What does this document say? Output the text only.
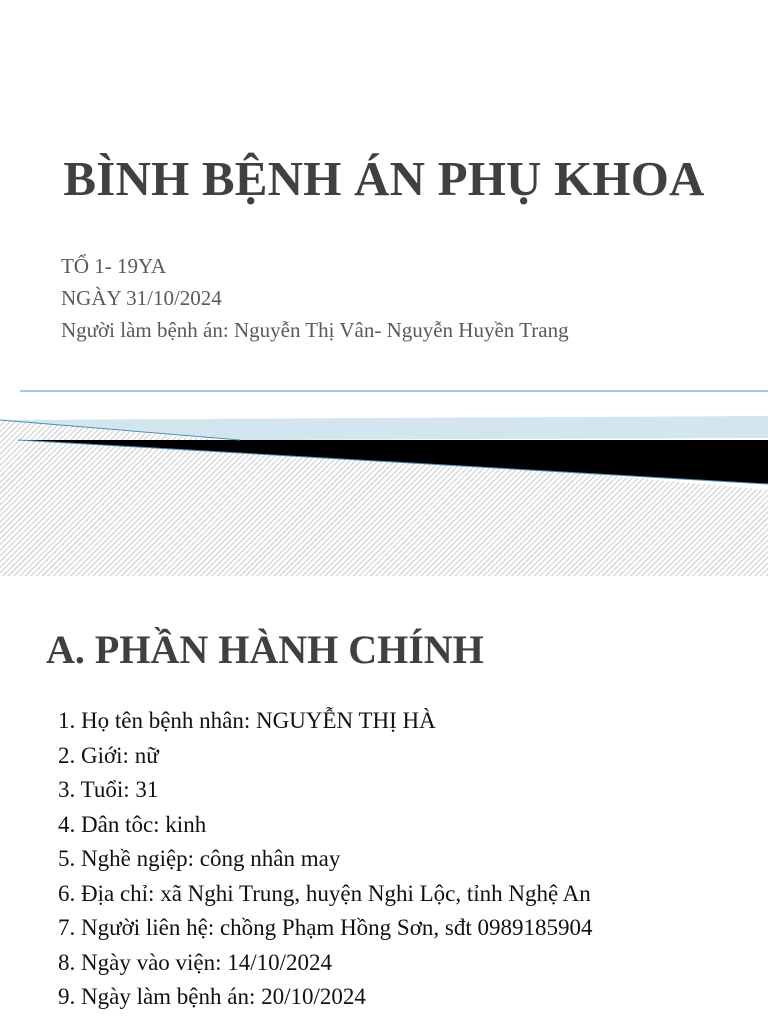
BÌNH BỆNH ÁN PHỤ KHOA
TỔ 1- 19YA
NGÀY 31/10/2024
Người làm bệnh án: Nguyễn Thị Vân- Nguyễn Huyền Trang
A. PHẦN HÀNH CHÍNH
1. Họ tên bệnh nhân: NGUYỄN THỊ HÀ
2. Giới: nữ
3. Tuổi: 31
4. Dân tôc: kinh
5. Nghề ngiệp: công nhân may
6. Địa chỉ: xã Nghi Trung, huyện Nghi Lộc, tỉnh Nghệ An
7. Người liên hệ: chồng Phạm Hồng Sơn, sđt 0989185904
8. Ngày vào viện: 14/10/2024
9. Ngày làm bệnh án: 20/10/2024
